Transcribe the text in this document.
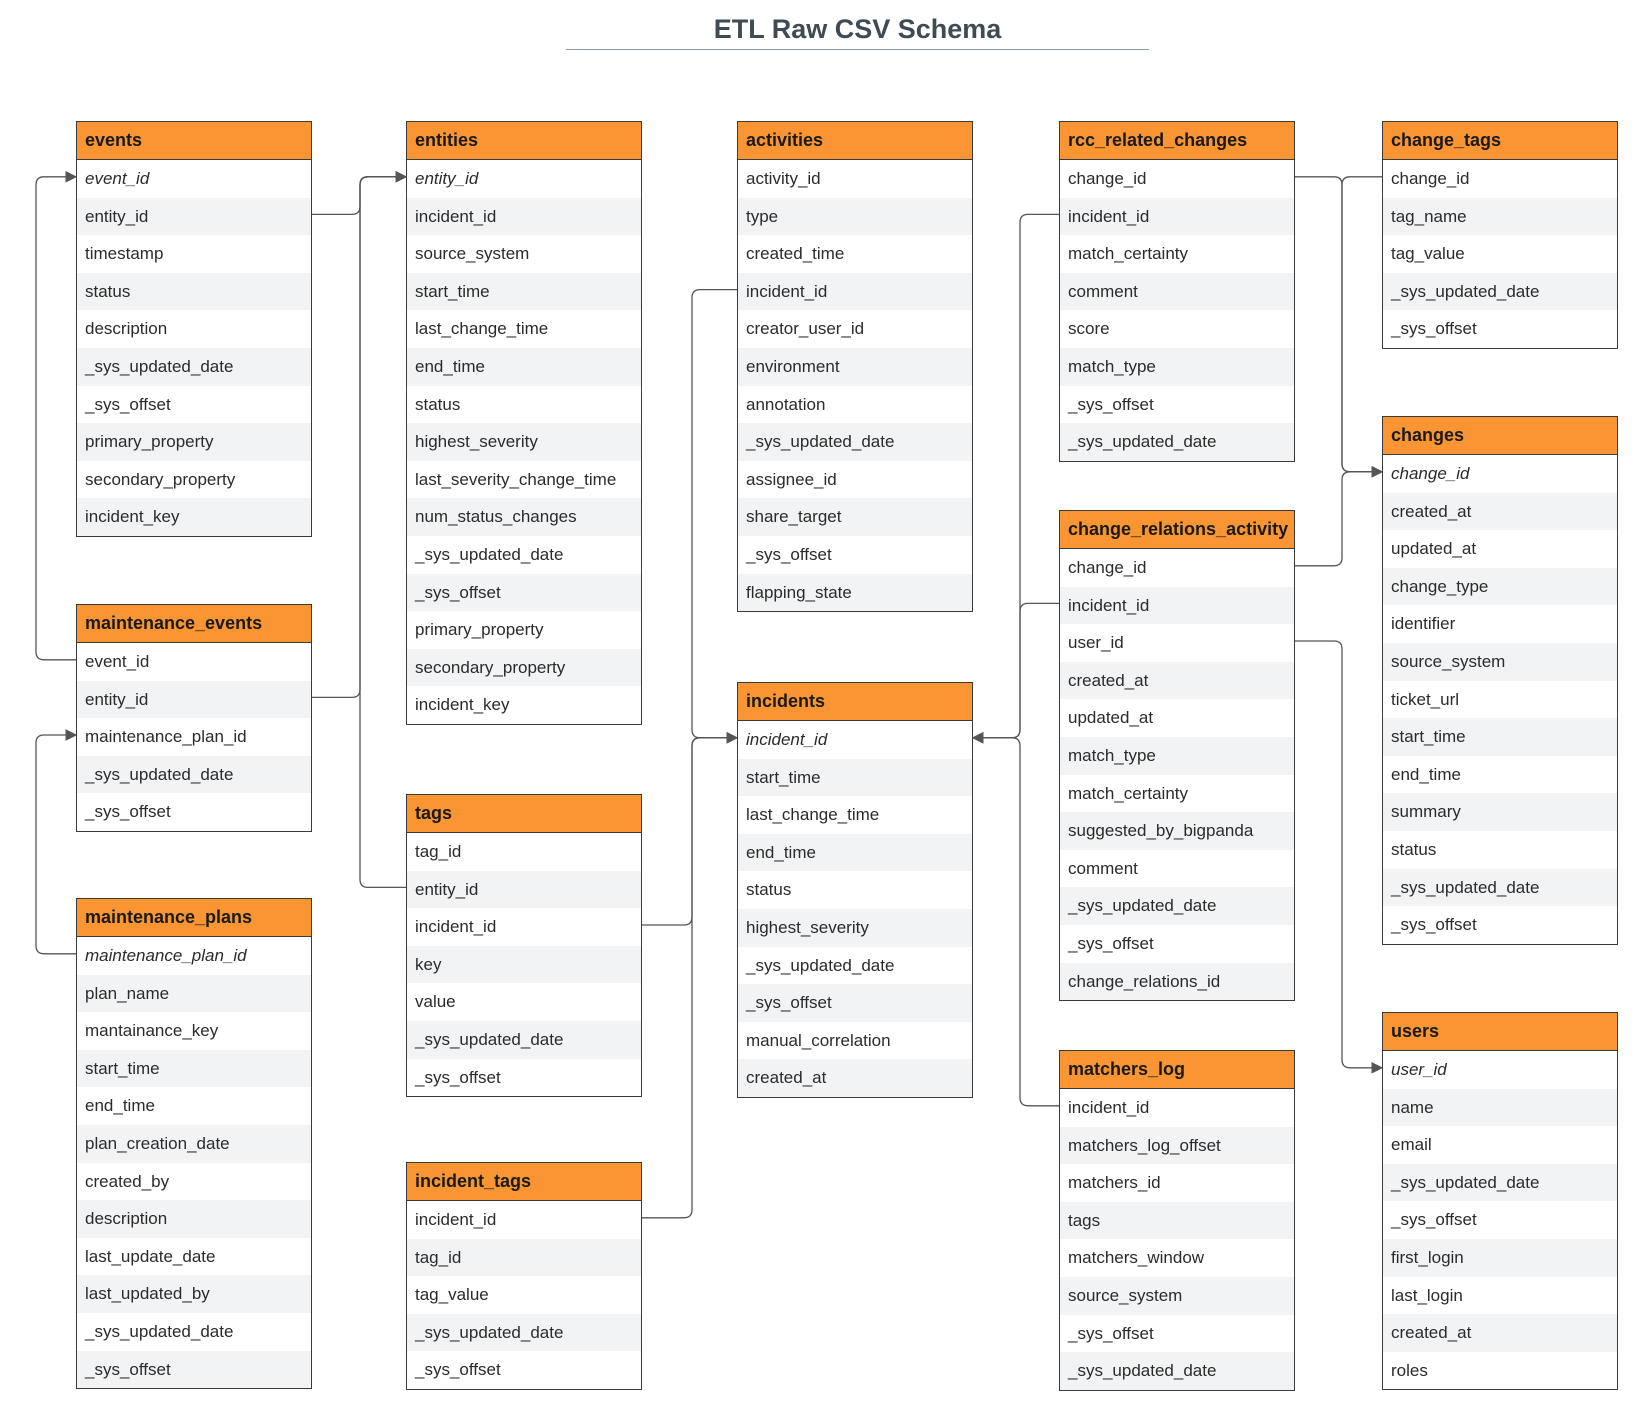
ETL Raw CSV Schema
events
event_id
entity_id
timestamp
status
description
_sys_updated_date
_sys_offset
primary_property
secondary_property
incident_key
maintenance_events
event_id
entity_id
maintenance_plan_id
_sys_updated_date
_sys_offset
maintenance_plans
maintenance_plan_id
plan_name
mantainance_key
start_time
end_time
plan_creation_date
created_by
description
last_update_date
last_updated_by
_sys_updated_date
_sys_offset
entities
entity_id
incident_id
source_system
start_time
last_change_time
end_time
status
highest_severity
last_severity_change_time
num_status_changes
_sys_updated_date
_sys_offset
primary_property
secondary_property
incident_key
tags
tag_id
entity_id
incident_id
key
value
_sys_updated_date
_sys_offset
incident_tags
incident_id
tag_id
tag_value
_sys_updated_date
_sys_offset
activities
activity_id
type
created_time
incident_id
creator_user_id
environment
annotation
_sys_updated_date
assignee_id
share_target
_sys_offset
flapping_state
incidents
incident_id
start_time
last_change_time
end_time
status
highest_severity
_sys_updated_date
_sys_offset
manual_correlation
created_at
rcc_related_changes
change_id
incident_id
match_certainty
comment
score
match_type
_sys_offset
_sys_updated_date
change_relations_activity
change_id
incident_id
user_id
created_at
updated_at
match_type
match_certainty
suggested_by_bigpanda
comment
_sys_updated_date
_sys_offset
change_relations_id
matchers_log
incident_id
matchers_log_offset
matchers_id
tags
matchers_window
source_system
_sys_offset
_sys_updated_date
change_tags
change_id
tag_name
tag_value
_sys_updated_date
_sys_offset
changes
change_id
created_at
updated_at
change_type
identifier
source_system
ticket_url
start_time
end_time
summary
status
_sys_updated_date
_sys_offset
users
user_id
name
email
_sys_updated_date
_sys_offset
first_login
last_login
created_at
roles
